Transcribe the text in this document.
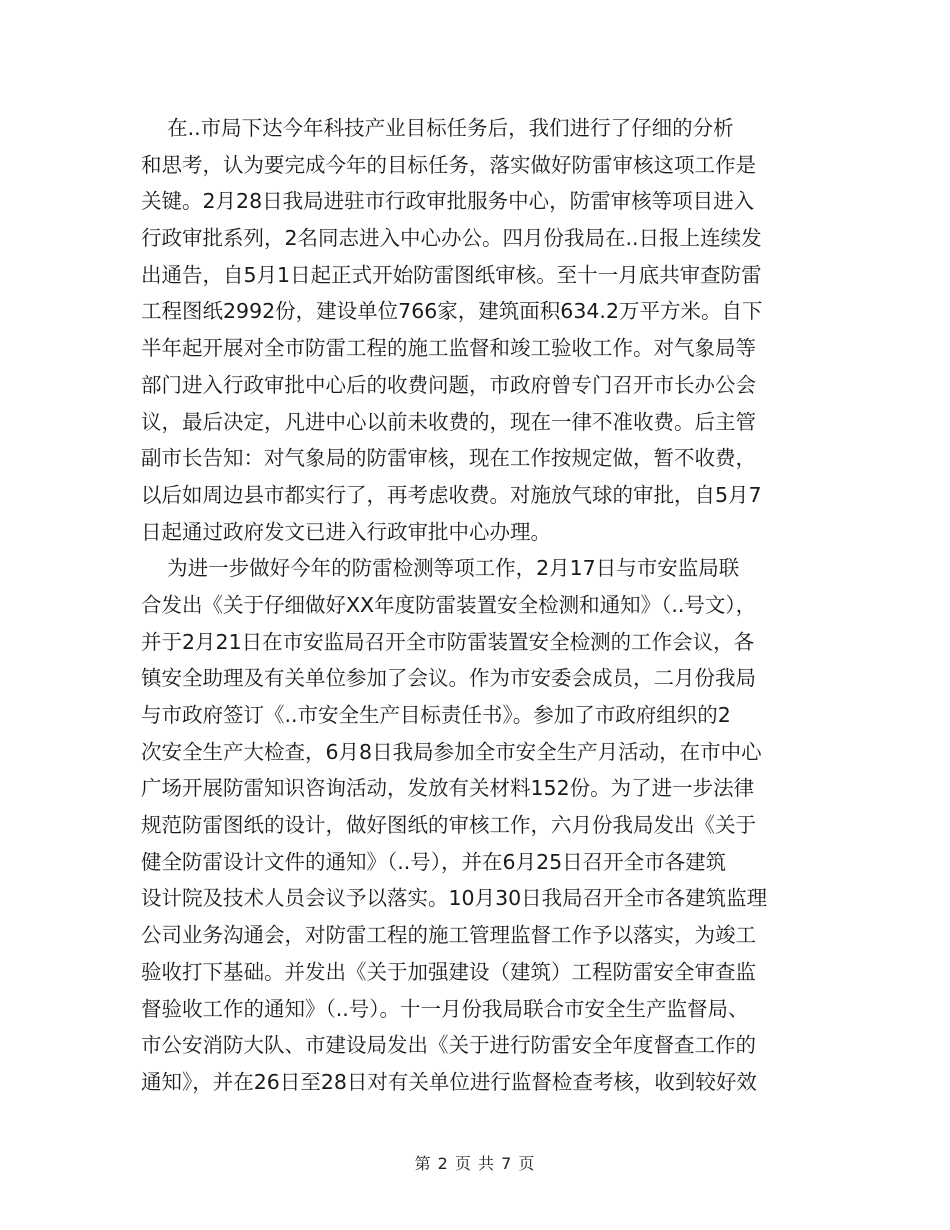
在..市局下达今年科技产业目标任务后，我们进行了仔细的分析
和思考，认为要完成今年的目标任务，落实做好防雷审核这项工作是
关键。2月28日我局进驻市行政审批服务中心，防雷审核等项目进入
行政审批系列，2名同志进入中心办公。四月份我局在..日报上连续发
出通告，自5月1日起正式开始防雷图纸审核。至十一月底共审查防雷
工程图纸2992份，建设单位766家，建筑面积634.2万平方米。自下
半年起开展对全市防雷工程的施工监督和竣工验收工作。对气象局等
部门进入行政审批中心后的收费问题，市政府曾专门召开市长办公会
议，最后决定，凡进中心以前未收费的，现在一律不准收费。后主管
副市长告知：对气象局的防雷审核，现在工作按规定做，暂不收费，
以后如周边县市都实行了，再考虑收费。对施放气球的审批，自5月7
日起通过政府发文已进入行政审批中心办理。
为进一步做好今年的防雷检测等项工作，2月17日与市安监局联
合发出《关于仔细做好XX年度防雷装置安全检测和通知》（..号文），
并于2月21日在市安监局召开全市防雷装置安全检测的工作会议，各
镇安全助理及有关单位参加了会议。作为市安委会成员，二月份我局
与市政府签订《..市安全生产目标责任书》。参加了市政府组织的2
次安全生产大检查，6月8日我局参加全市安全生产月活动，在市中心
广场开展防雷知识咨询活动，发放有关材料152份。为了进一步法律
规范防雷图纸的设计，做好图纸的审核工作，六月份我局发出《关于
健全防雷设计文件的通知》（..号），并在6月25日召开全市各建筑
设计院及技术人员会议予以落实。10月30日我局召开全市各建筑监理
公司业务沟通会，对防雷工程的施工管理监督工作予以落实，为竣工
验收打下基础。并发出《关于加强建设（建筑）工程防雷安全审查监
督验收工作的通知》（..号）。十一月份我局联合市安全生产监督局、
市公安消防大队、市建设局发出《关于进行防雷安全年度督查工作的
通知》，并在26日至28日对有关单位进行监督检查考核，收到较好效
第 2 页 共 7 页
